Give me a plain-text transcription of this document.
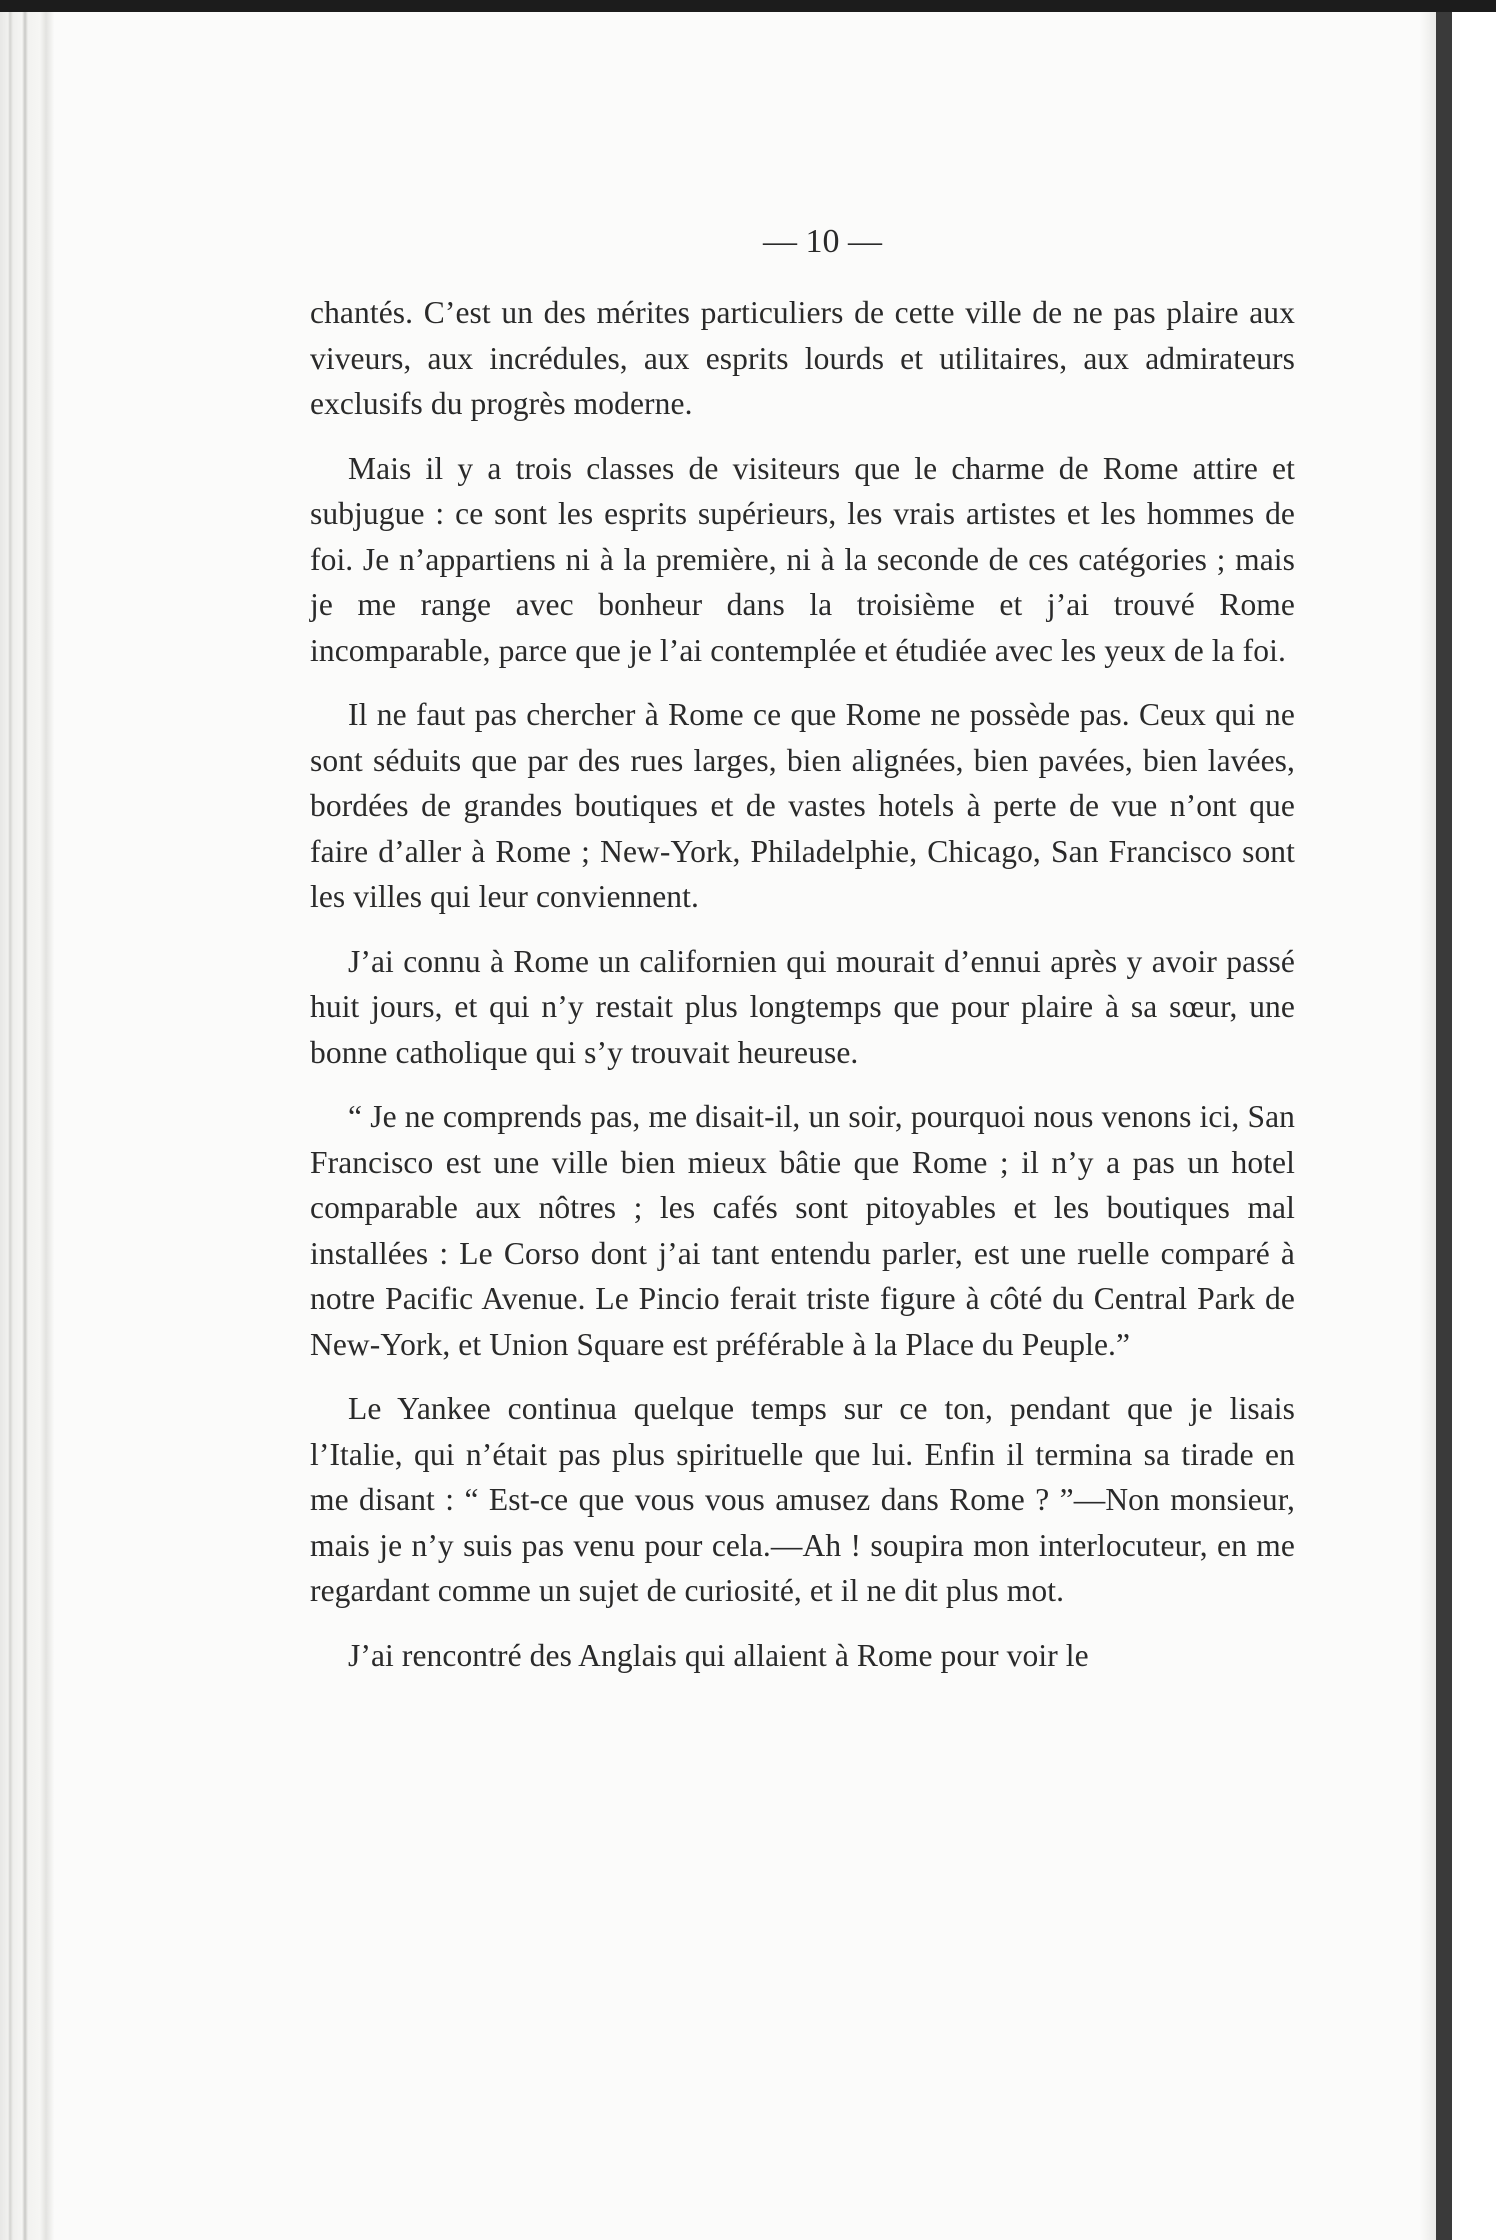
— 10 —

chantés. C’est un des mérites particuliers de cette ville de ne pas plaire aux viveurs, aux incrédules, aux esprits lourds et utilitaires, aux admirateurs exclusifs du progrès moderne.

Mais il y a trois classes de visiteurs que le charme de Rome attire et subjugue : ce sont les esprits supérieurs, les vrais artistes et les hommes de foi. Je n’appartiens ni à la première, ni à la seconde de ces catégories ; mais je me range avec bonheur dans la troisième et j’ai trouvé Rome incomparable, parce que je l’ai contemplée et étudiée avec les yeux de la foi.

Il ne faut pas chercher à Rome ce que Rome ne possède pas. Ceux qui ne sont séduits que par des rues larges, bien alignées, bien pavées, bien lavées, bordées de grandes boutiques et de vastes hotels à perte de vue n’ont que faire d’aller à Rome ; New-York, Philadelphie, Chicago, San Francisco sont les villes qui leur conviennent.

J’ai connu à Rome un californien qui mourait d’ennui après y avoir passé huit jours, et qui n’y restait plus longtemps que pour plaire à sa sœur, une bonne catholique qui s’y trouvait heureuse.

“ Je ne comprends pas, me disait-il, un soir, pourquoi nous venons ici, San Francisco est une ville bien mieux bâtie que Rome ; il n’y a pas un hotel comparable aux nôtres ; les cafés sont pitoyables et les boutiques mal installées : Le Corso dont j’ai tant entendu parler, est une ruelle comparé à notre Pacific Avenue. Le Pincio ferait triste figure à côté du Central Park de New-York, et Union Square est préférable à la Place du Peuple.”

Le Yankee continua quelque temps sur ce ton, pendant que je lisais l’Italie, qui n’était pas plus spirituelle que lui. Enfin il termina sa tirade en me disant : “ Est-ce que vous vous amusez dans Rome ? ”—Non monsieur, mais je n’y suis pas venu pour cela.—Ah ! soupira mon interlocuteur, en me regardant comme un sujet de curiosité, et il ne dit plus mot.

J’ai rencontré des Anglais qui allaient à Rome pour voir le
